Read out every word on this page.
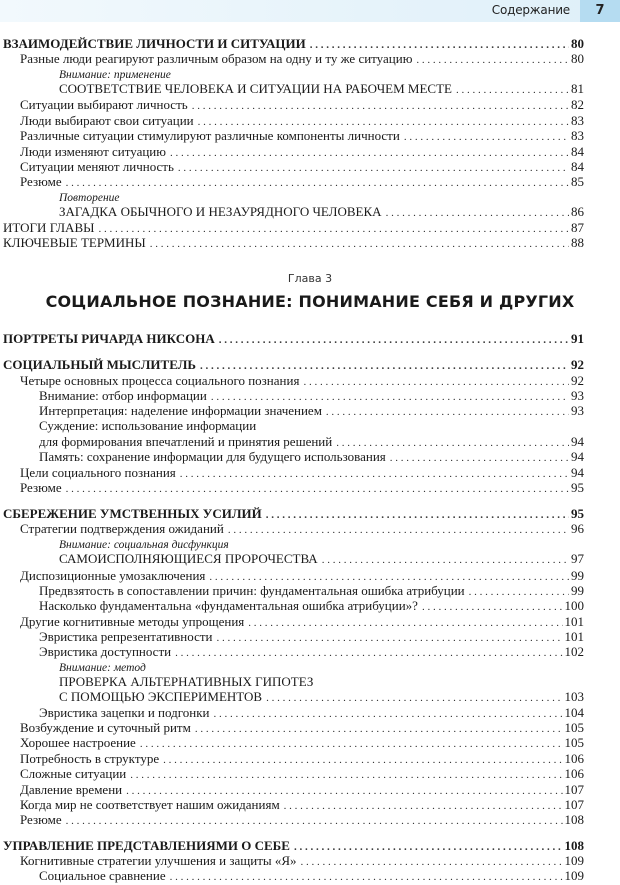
Содержание	7
ВЗАИМОДЕЙСТВИЕ ЛИЧНОСТИ И СИТУАЦИИ . . .	80
Разные люди реагируют различным образом на одну и ту же ситуацию . . .	80
Внимание: применение
СООТВЕТСТВИЕ ЧЕЛОВЕКА И СИТУАЦИИ НА РАБОЧЕМ МЕСТЕ . . .	81
Ситуации выбирают личность . . .	82
Люди выбирают свои ситуации . . .	83
Различные ситуации стимулируют различные компоненты личности . . .	83
Люди изменяют ситуацию . . .	84
Ситуации меняют личность . . .	84
Резюме . . .	85
Повторение
ЗАГАДКА ОБЫЧНОГО И НЕЗАУРЯДНОГО ЧЕЛОВЕКА . . .	86
ИТОГИ ГЛАВЫ . . .	87
КЛЮЧЕВЫЕ ТЕРМИНЫ . . .	88
Глава 3
СОЦИАЛЬНОЕ ПОЗНАНИЕ: ПОНИМАНИЕ СЕБЯ И ДРУГИХ
ПОРТРЕТЫ РИЧАРДА НИКСОНА . . .	91
СОЦИАЛЬНЫЙ МЫСЛИТЕЛЬ . . .	92
Четыре основных процесса социального познания . . .	92
Внимание: отбор информации . . .	93
Интерпретация: наделение информации значением . . .	93
Суждение: использование информации
для формирования впечатлений и принятия решений . . .	94
Память: сохранение информации для будущего использования . . .	94
Цели социального познания . . .	94
Резюме . . .	95
СБЕРЕЖЕНИЕ УМСТВЕННЫХ УСИЛИЙ . . .	95
Стратегии подтверждения ожиданий . . .	96
Внимание: социальная дисфункция
САМОИСПОЛНЯЮЩИЕСЯ ПРОРОЧЕСТВА . . .	97
Диспозиционные умозаключения . . .	99
Предвзятость в сопоставлении причин: фундаментальная ошибка атрибуции . . .	99
Насколько фундаментальна «фундаментальная ошибка атрибуции»? . . .	100
Другие когнитивные методы упрощения . . .	101
Эвристика репрезентативности . . .	101
Эвристика доступности . . .	102
Внимание: метод
ПРОВЕРКА АЛЬТЕРНАТИВНЫХ ГИПОТЕЗ
С ПОМОЩЬЮ ЭКСПЕРИМЕНТОВ . . .	103
Эвристика зацепки и подгонки . . .	104
Возбуждение и суточный ритм . . .	105
Хорошее настроение . . .	105
Потребность в структуре . . .	106
Сложные ситуации . . .	106
Давление времени . . .	107
Когда мир не соответствует нашим ожиданиям . . .	107
Резюме . . .	108
УПРАВЛЕНИЕ ПРЕДСТАВЛЕНИЯМИ О СЕБЕ . . .	108
Когнитивные стратегии улучшения и защиты «Я» . . .	109
Социальное сравнение . . .	109
